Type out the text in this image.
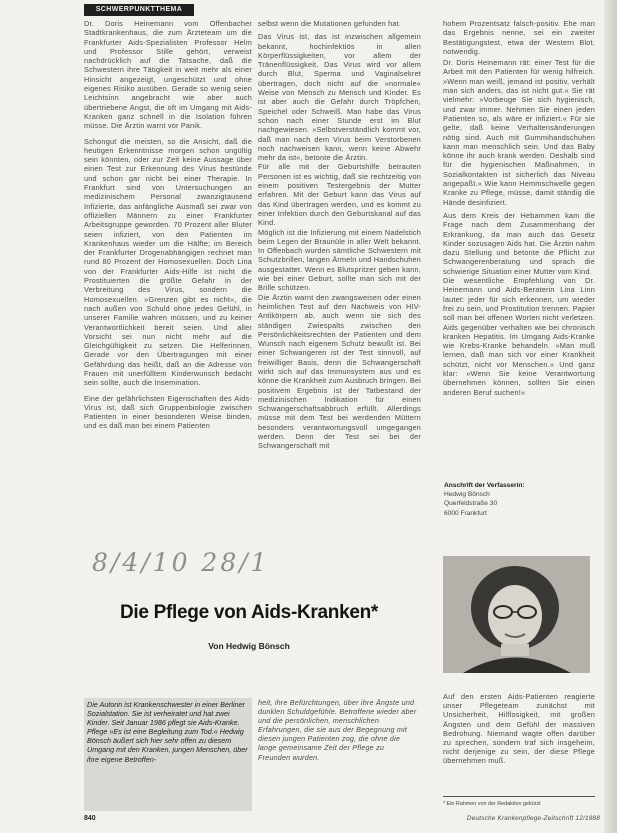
SCHWERPUNKTTHEMA

Dr. Doris Heinemann vom Offenbacher Stadtkrankenhaus, die zum Ärzteteam um die Frankfurter Aids-Spezialisten Professor Helm und Professor Stille gehört, verweist nachdrücklich auf die Tatsache, daß die Schwestern ihre Tätigkeit in weit mehr als einer Hinsicht angezeigt, ungeschützt und ohne eigenes Risiko ausüben. Gerade so wenig seien Leichtsinn angebracht wie aber auch übertriebene Angst, die oft im Umgang mit Aids-Kranken ganz schnell in die Isolation führen müsse. Die Ärztin warnt vor Panik.

Schongut die meisten, so die Ansicht, daß die heutigen Erkenntnisse morgen schon ungültig sein könnten, oder zur Zeit keine Aussage über einen Test zur Erkennung des Virus bestünde und schon gar nicht bei einer Therapie. In Frankfurt sind von Untersuchungen an medizinischem Personal zwanzigtausend Infizierte, das anfängliche Ausmaß sei zwar von offiziellen Männern zu einer Frankfurter Arbeitsgruppe geworden. 70 Prozent aller Bluter seien infiziert, von den Patienten im Krankenhaus wieder um die Hälfte; im Bereich der Frankfurter Drogenabhängigen rechnet man rund 80 Prozent der Homosexuellen. Doch Lina von der Frankfurter Aids-Hilfe ist nicht die Prostituierten die größte Gefahr in der Verbreitung des Virus, sondern die Homosexuellen. »Grenzen gibt es nicht«, die nach außen von Schuld ohne jedes Gefühl, in unserer Familie wahren müssen, und zu keiner Verantwortlichkeit bereit seien. Und aller Vorsicht sei nun nicht mehr auf die Gleichgültigkeit zu setzen. Die Helferinnen, Gerade vor den Übertragungen mit einer Gefährdung das heißt, daß an die Adresse von Frauen mit unerfülltem Kinderwunsch bedacht sein sollte, auch die Insemination.

Eine der gefährlichsten Eigenschaften des Aids-Virus ist, daß sich Gruppenbiologie zwischen Patienten in einer besonderen Weise binden, und es daß man bei einem Patienten

selbst wenn die Mutationen gefunden hat.

Das Virus ist, das ist inzwischen allgemein bekannt, hochinfektiös in allen Körperflüssigkeiten, vor allem der Tränenflüssigkeit. Das Virus wird vor allem durch Blut, Sperma und Vaginalsekret übertragen, doch nicht auf die »normale« Weise von Mensch zu Mensch und Kinder. Es ist aber auch die Gefahr durch Tröpfchen, Speichel oder Schweiß. Man habe das Virus schon nach einer Stunde erst im Blut nachgewiesen. »Selbstverständlich kommt vor, daß man nach dem Virus beim Verstorbenen noch nachweisen kann, wenn keine Abwehr mehr da ist«, betonte die Ärztin.

Für alle mit der Geburtshilfe betrauten Personen ist es wichtig, daß sie rechtzeitig von einem positiven Testergebnis der Mutter erfahren. Mit der Geburt kann das Virus auf das Kind übertragen werden, und es kommt zu einer Infektion durch den Geburtskanal auf das Kind.

Möglich ist die Infizierung mit einem Nadelstich beim Legen der Braunüle in aller Welt bekannt. In Offenbach wurden sämtliche Schwestern mit Schutzbrillen, langen Ärmeln und Handschuhen ausgestattet. Wenn es Blutspritzer geben kann, wie bei einer Geburt, sollte man sich mit der Brille schützen.

Die Ärztin warnt den zwangsweisen oder einen heimlichen Test auf den Nachweis von HIV-Antikörpern ab, auch wenn sie sich des ständigen Zwiespalts zwischen den Persönlichkeitsrechten der Patienten und dem Wunsch nach eigenem Schutz bewußt ist. Bei einer Schwangeren ist der Test sinnvoll, auf freiwilliger Basis, denn die Schwangerschaft wirkt sich auf das Immunsystem aus und es könne die Krankheit zum Ausbruch bringen. Bei positivem Ergebnis ist der Tatbestand der medizinischen Indikation für einen Schwangerschaftsabbruch erfüllt. Allerdings müsse mit dem Test bei werdenden Müttern besonders verantwortungsvoll umgegangen werden. Denn der Test sei bei der Schwangerschaft mit

hohem Prozentsatz falsch-positiv. Ehe man das Ergebnis nenne, sei ein zweiter Bestätigungstest, etwa der Western Blot, notwendig.

Dr. Doris Heinemann rät: einer Test für die Arbeit mit den Patienten für wenig hilfreich. »Wenn man weiß, jemand ist positiv, verhält man sich anders, das ist nicht gut.« Sie rät vielmehr: »Vorbeuge Sie sich hygienisch, und zwar immer. Nehmen Sie einen jeden Patienten so, als wäre er infiziert.« Für sie gelte, daß keine Verhaltensänderungen nötig sind. Auch mit Gummihandschuhen kann man menschlich sein. Und das Baby könne ihr auch krank werden. Deshalb sind für die hygienischen Maßnahmen, in Sozialkontakten ist sicherlich das Niveau angepaßt.« Wie kann Hemmschwelle gegen Kranke zu Pflege, müsse, damit ständig die Hände desinfiziert.

Aus dem Kreis der Hebammen kam die Frage nach dem Zusammenhang der Erkrankung, da man auch das Gesetz Kinder sozusagen Aids hat. Die Ärztin nahm dazu Stellung und betonte die Pflicht zur Schwangerenberatung und sprach die schwierige Situation einer Mutter vom Kind.

Die wesentliche Empfehlung von Dr. Heinemann und Aids-Beraterin Lina Linn lautet: jeder für sich erkennen, um wieder frei zu sein, und Prostitution trennen. Papier soll man bei offenen Worten nicht verletzen. Aids gegenüber verhalten wie bei chronisch kranken Hepatitis. Im Umgang Aids-Kranke wie Krebs-Kranke behandeln. »Man muß lernen, daß man sich vor einer Krankheit schützt, nicht vor Menschen.« Und ganz klar: »Wenn Sie keine Verantwortung übernehmen können, sollten Sie einen anderen Beruf suchen!«

Anschrift der Verfasserin:
Hedwig Bönsch
Querfeldstraße 30
6000 Frankfurt
8/4/10 28/1
Die Pflege von Aids-Kranken*
Von Hedwig Bönsch
Die Autorin ist Krankenschwester in einer Berliner Sozialstation. Sie ist verheiratet und hat zwei Kinder. Seit Januar 1986 pflegt sie Aids-Kranke. Pflege »Es ist eine Begleitung zum Tod.« Hedwig Bönsch äußert sich hier sehr offen zu diesem Umgang mit den Kranken, jungen Menschen, über ihre eigene Betroffen-
heit, ihre Befürchtungen, über ihre Ängste und dunklen Schuldgefühle. Betroffene wieder aber und die persönlichen, menschlichen Erfahrungen, die sie aus der Begegnung mit diesen jungen Patienten zog, die ohne die lange gemeinsame Zeit der Pflege zu Freunden wurden.
Auf den ersten Aids-Patienten reagierte unser Pflegeteam zunächst mit Unsicherheit, Hilflosigkeit, mit großen Ängsten und dem Gefühl der massiven Bedrohung. Niemand wagte offen darüber zu sprechen, sondern traf sich insgeheim, nicht derjenige zu sein, der diese Pflege übernehmen muß.
* Ein Rahmen von der Redaktion gekürzt
840	Deutsche Krankenpflege-Zeitschrift 12/1988
